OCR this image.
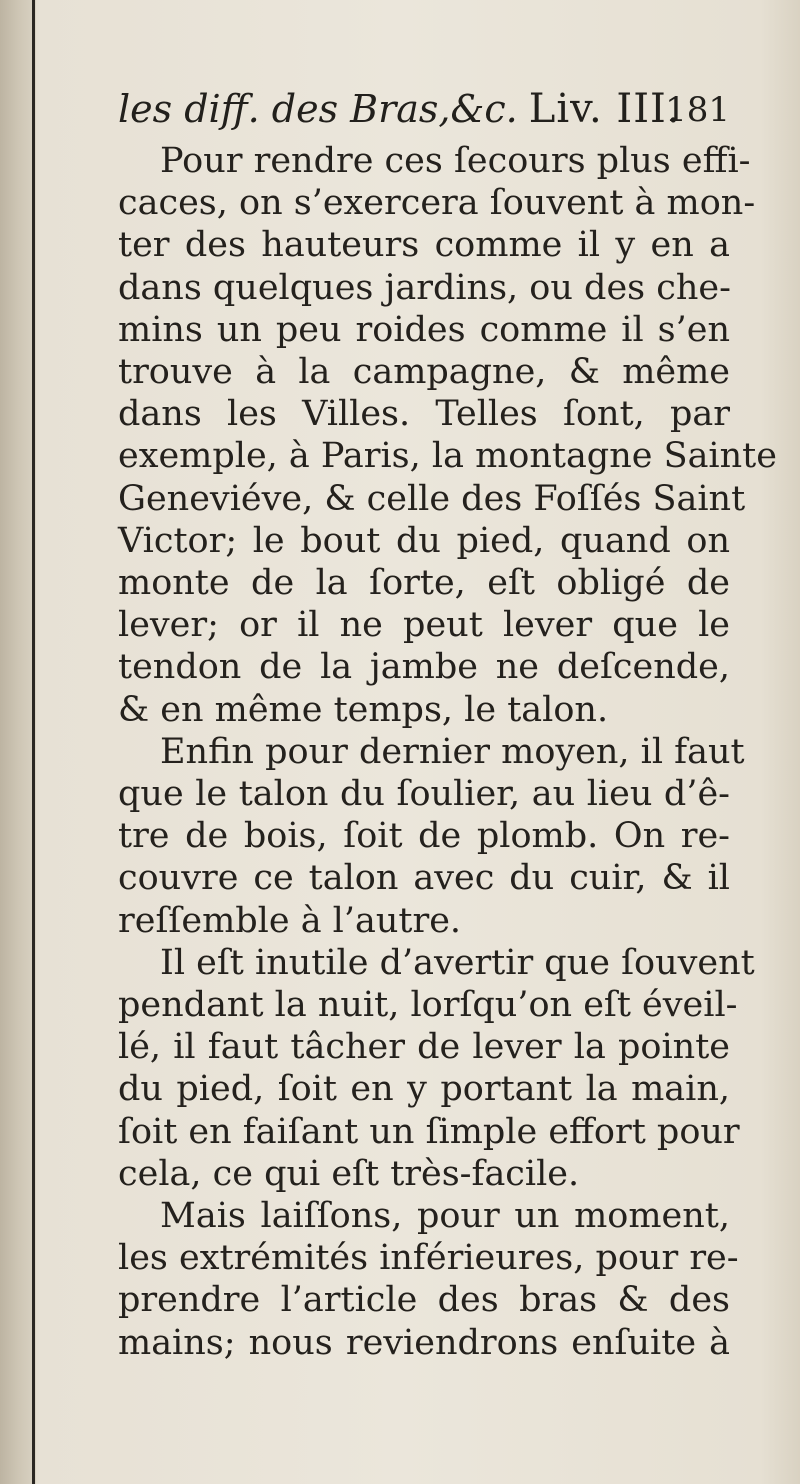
les diff. des Bras,&c. Liv. III.
181
Pour rendre ces ſecours plus effi-
caces, on s’exercera ſouvent à mon-
ter des hauteurs comme il y en a
dans quelques jardins, ou des che-
mins un peu roides comme il s’en
trouve à la campagne, & même
dans les Villes. Telles ſont, par
exemple, à Paris, la montagne Sainte
Geneviéve, & celle des Foſſés Saint
Victor; le bout du pied, quand on
monte de la ſorte, eſt obligé de
lever; or il ne peut lever que le
tendon de la jambe ne deſcende,
& en même temps, le talon.
Enfin pour dernier moyen, il faut
que le talon du ſoulier, au lieu d’ê-
tre de bois, ſoit de plomb. On re-
couvre ce talon avec du cuir, & il
reſſemble à l’autre.
Il eſt inutile d’avertir que ſouvent
pendant la nuit, lorſqu’on eſt éveil-
lé, il faut tâcher de lever la pointe
du pied, ſoit en y portant la main,
ſoit en faiſant un ſimple effort pour
cela, ce qui eſt très-facile.
Mais laiſſons, pour un moment,
les extrémités inférieures, pour re-
prendre l’article des bras & des
mains; nous reviendrons enſuite à
